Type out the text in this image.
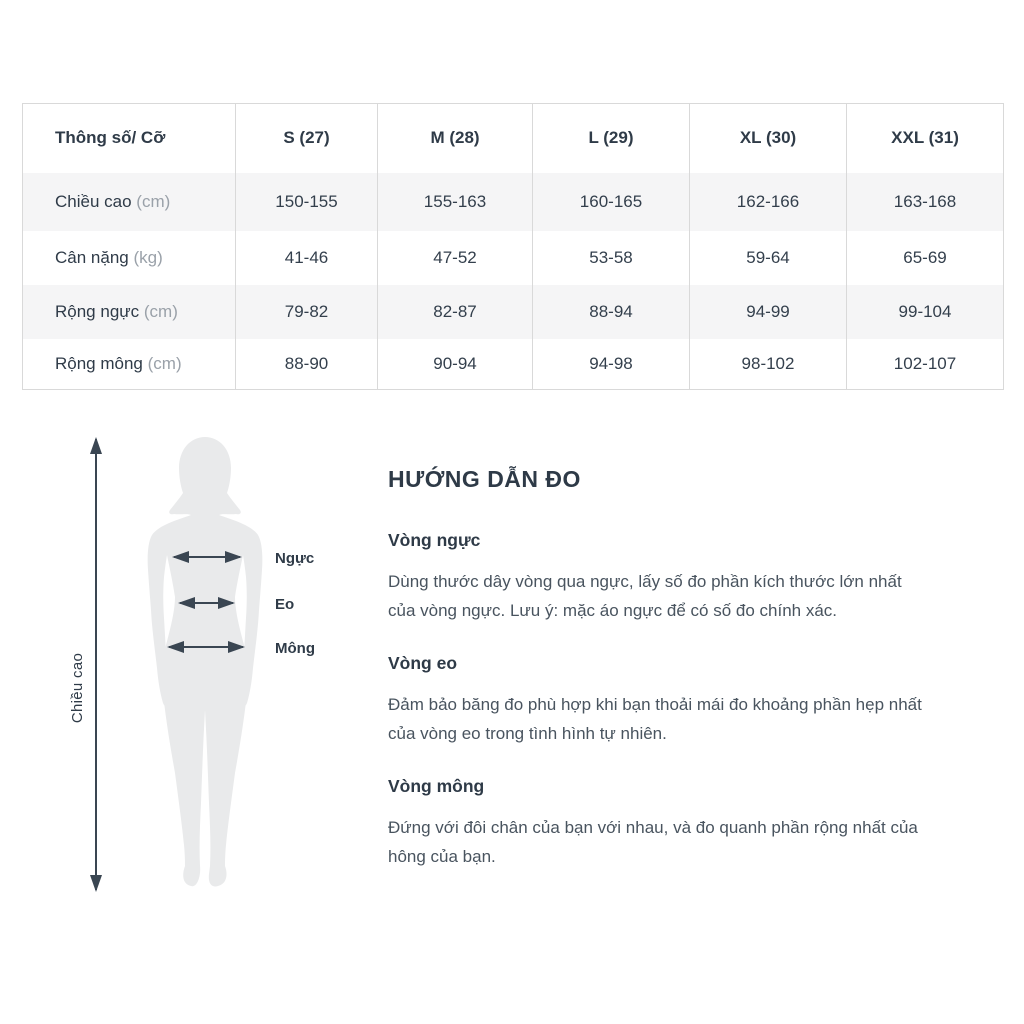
Thông số/ Cỡ	S (27)	M (28)	L (29)	XL (30)	XXL (31)
Chiều cao (cm)	150-155	155-163	160-165	162-166	163-168
Cân nặng (kg)	41-46	47-52	53-58	59-64	65-69
Rộng ngực (cm)	79-82	82-87	88-94	94-99	99-104
Rộng mông (cm)	88-90	90-94	94-98	98-102	102-107
Chiều cao
Ngực
Eo
Mông
HƯỚNG DẪN ĐO
Vòng ngực

Dùng thước dây vòng qua ngực, lấy số đo phần kích thước lớn nhất của vòng ngực. Lưu ý: mặc áo ngực để có số đo chính xác.

Vòng eo

Đảm bảo băng đo phù hợp khi bạn thoải mái đo khoảng phần hẹp nhất của vòng eo trong tình hình tự nhiên.

Vòng mông

Đứng với đôi chân của bạn với nhau, và đo quanh phần rộng nhất của hông của bạn.
